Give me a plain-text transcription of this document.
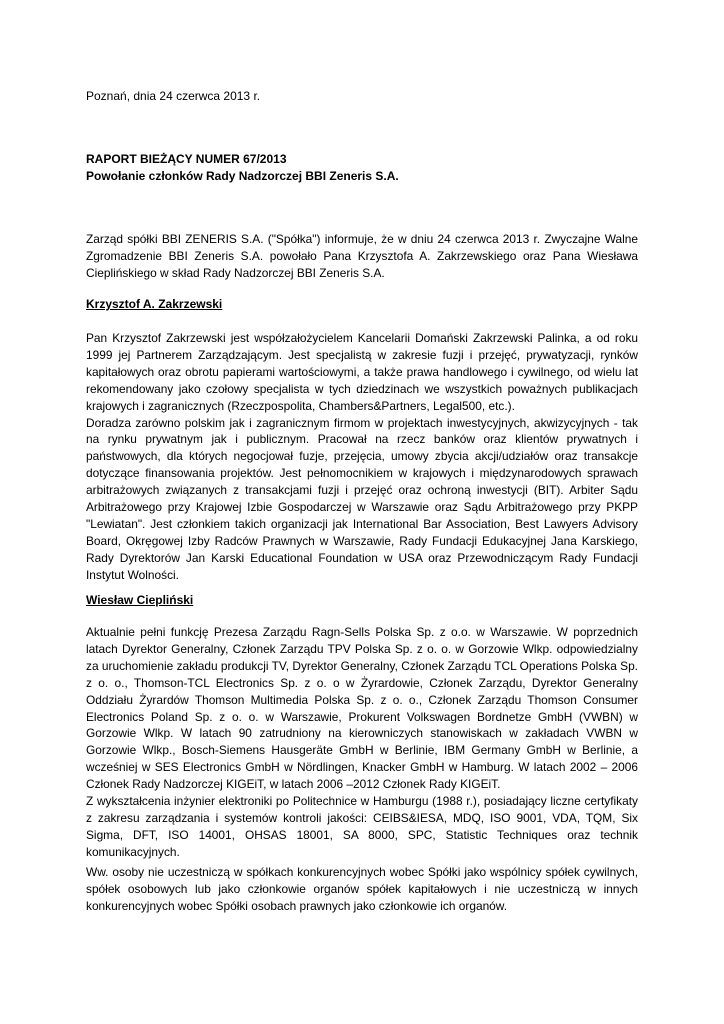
Poznań, dnia 24 czerwca 2013 r.
RAPORT BIEŻĄCY NUMER 67/2013
Powołanie członków Rady Nadzorczej BBI Zeneris S.A.

Zarząd spółki BBI ZENERIS S.A. ("Spółka") informuje, że w dniu 24 czerwca 2013 r. Zwyczajne Walne Zgromadzenie BBI Zeneris S.A. powołało Pana Krzysztofa A. Zakrzewskiego oraz Pana Wiesława Cieplińskiego w skład Rady Nadzorczej BBI Zeneris S.A.

Krzysztof A. Zakrzewski

Pan Krzysztof Zakrzewski jest współzałożycielem Kancelarii Domański Zakrzewski Palinka, a od roku 1999 jej Partnerem Zarządzającym. Jest specjalistą w zakresie fuzji i przejęć, prywatyzacji, rynków kapitałowych oraz obrotu papierami wartościowymi, a także prawa handlowego i cywilnego, od wielu lat rekomendowany jako czołowy specjalista w tych dziedzinach we wszystkich poważnych publikacjach krajowych i zagranicznych (Rzeczpospolita, Chambers&Partners, Legal500, etc.).

Doradza zarówno polskim jak i zagranicznym firmom w projektach inwestycyjnych, akwizycyjnych - tak na rynku prywatnym jak i publicznym. Pracował na rzecz banków oraz klientów prywatnych i państwowych, dla których negocjował fuzje, przejęcia, umowy zbycia akcji/udziałów oraz transakcje dotyczące finansowania projektów. Jest pełnomocnikiem w krajowych i międzynarodowych sprawach arbitrażowych związanych z transakcjami fuzji i przejęć oraz ochroną inwestycji (BIT). Arbiter Sądu Arbitrażowego przy Krajowej Izbie Gospodarczej w Warszawie oraz Sądu Arbitrażowego przy PKPP "Lewiatan". Jest członkiem takich organizacji jak International Bar Association, Best Lawyers Advisory Board, Okręgowej Izby Radców Prawnych w Warszawie, Rady Fundacji Edukacyjnej Jana Karskiego, Rady Dyrektorów Jan Karski Educational Foundation w USA oraz Przewodniczącym Rady Fundacji Instytut Wolności.

Wiesław Ciepliński

Aktualnie pełni funkcję Prezesa Zarządu Ragn-Sells Polska Sp. z o.o. w Warszawie. W poprzednich latach Dyrektor Generalny, Członek Zarządu TPV Polska Sp. z o. o. w Gorzowie Wlkp. odpowiedzialny za uruchomienie zakładu produkcji TV, Dyrektor Generalny, Członek Zarządu TCL Operations Polska Sp. z o. o., Thomson-TCL Electronics Sp. z o. o w Żyrardowie, Członek Zarządu, Dyrektor Generalny Oddziału Żyrardów Thomson Multimedia Polska Sp. z o. o., Członek Zarządu Thomson Consumer Electronics Poland Sp. z o. o. w Warszawie, Prokurent Volkswagen Bordnetze GmbH (VWBN) w Gorzowie Wlkp. W latach 90 zatrudniony na kierowniczych stanowiskach w zakładach VWBN w Gorzowie Wlkp., Bosch-Siemens Hausgeräte GmbH w Berlinie, IBM Germany GmbH w Berlinie, a wcześniej w SES Electronics GmbH w Nördlingen, Knacker GmbH w Hamburg. W latach 2002 – 2006 Członek Rady Nadzorczej KIGEiT, w latach 2006 –2012 Członek Rady KIGEiT.

Z wykształcenia inżynier elektroniki po Politechnice w Hamburgu (1988 r.), posiadający liczne certyfikaty z zakresu zarządzania i systemów kontroli jakości: CEIBS&IESA, MDQ, ISO 9001, VDA, TQM, Six Sigma, DFT, ISO 14001, OHSAS 18001, SA 8000, SPC, Statistic Techniques oraz technik komunikacyjnych.

Ww. osoby nie uczestniczą w spółkach konkurencyjnych wobec Spółki jako wspólnicy spółek cywilnych, spółek osobowych lub jako członkowie organów spółek kapitałowych i nie uczestniczą w innych konkurencyjnych wobec Spółki osobach prawnych jako członkowie ich organów.
